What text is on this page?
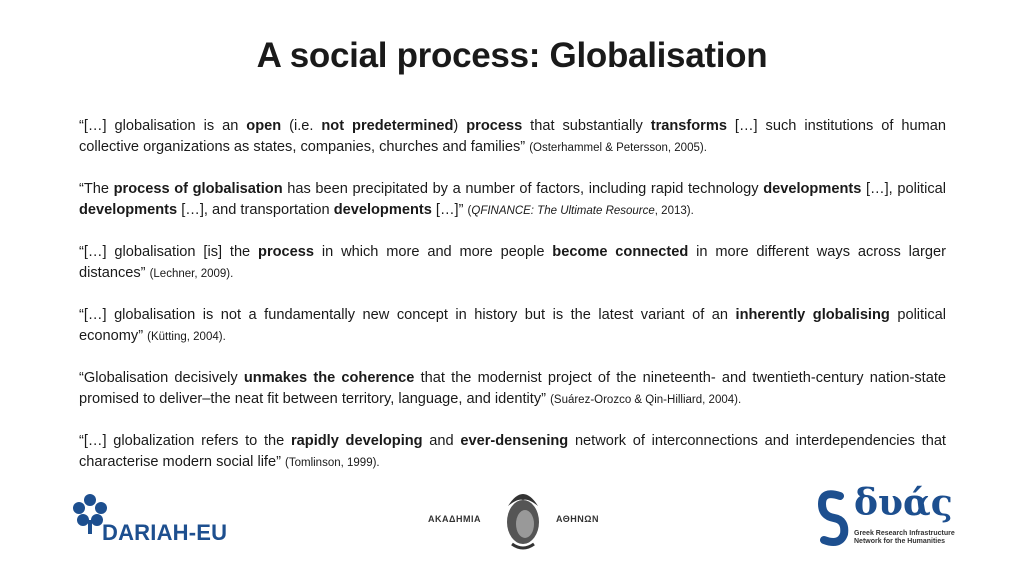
A social process: Globalisation

“[…] globalisation is an open (i.e. not predetermined) process that substantially transforms […] such institutions of human collective organizations as states, companies, churches and families” (Osterhammel & Petersson, 2005).

“The process of globalisation has been precipitated by a number of factors, including rapid technology developments […], political developments […], and transportation developments […]” (QFINANCE: The Ultimate Resource, 2013).

“[…] globalisation [is] the process in which more and more people become connected in more different ways across larger distances” (Lechner, 2009).

“[…] globalisation is not a fundamentally new concept in history but is the latest variant of an inherently globalising political economy” (Kütting, 2004).

“Globalisation decisively unmakes the coherence that the modernist project of the nineteenth- and twentieth-century nation-state promised to deliver–the neat fit between territory, language, and identity” (Suárez-Orozco & Qin-Hilliard, 2004).

“[…] globalization refers to the rapidly developing and ever-densening network of interconnections and interdependencies that characterise modern social life” (Tomlinson, 1999).

DARIAH-EU
ΑΚΑΔΗΜΙΑ	ΑΘΗΝΩΝ	δυάς
Greek Research Infrastructure Network for the Humanities
